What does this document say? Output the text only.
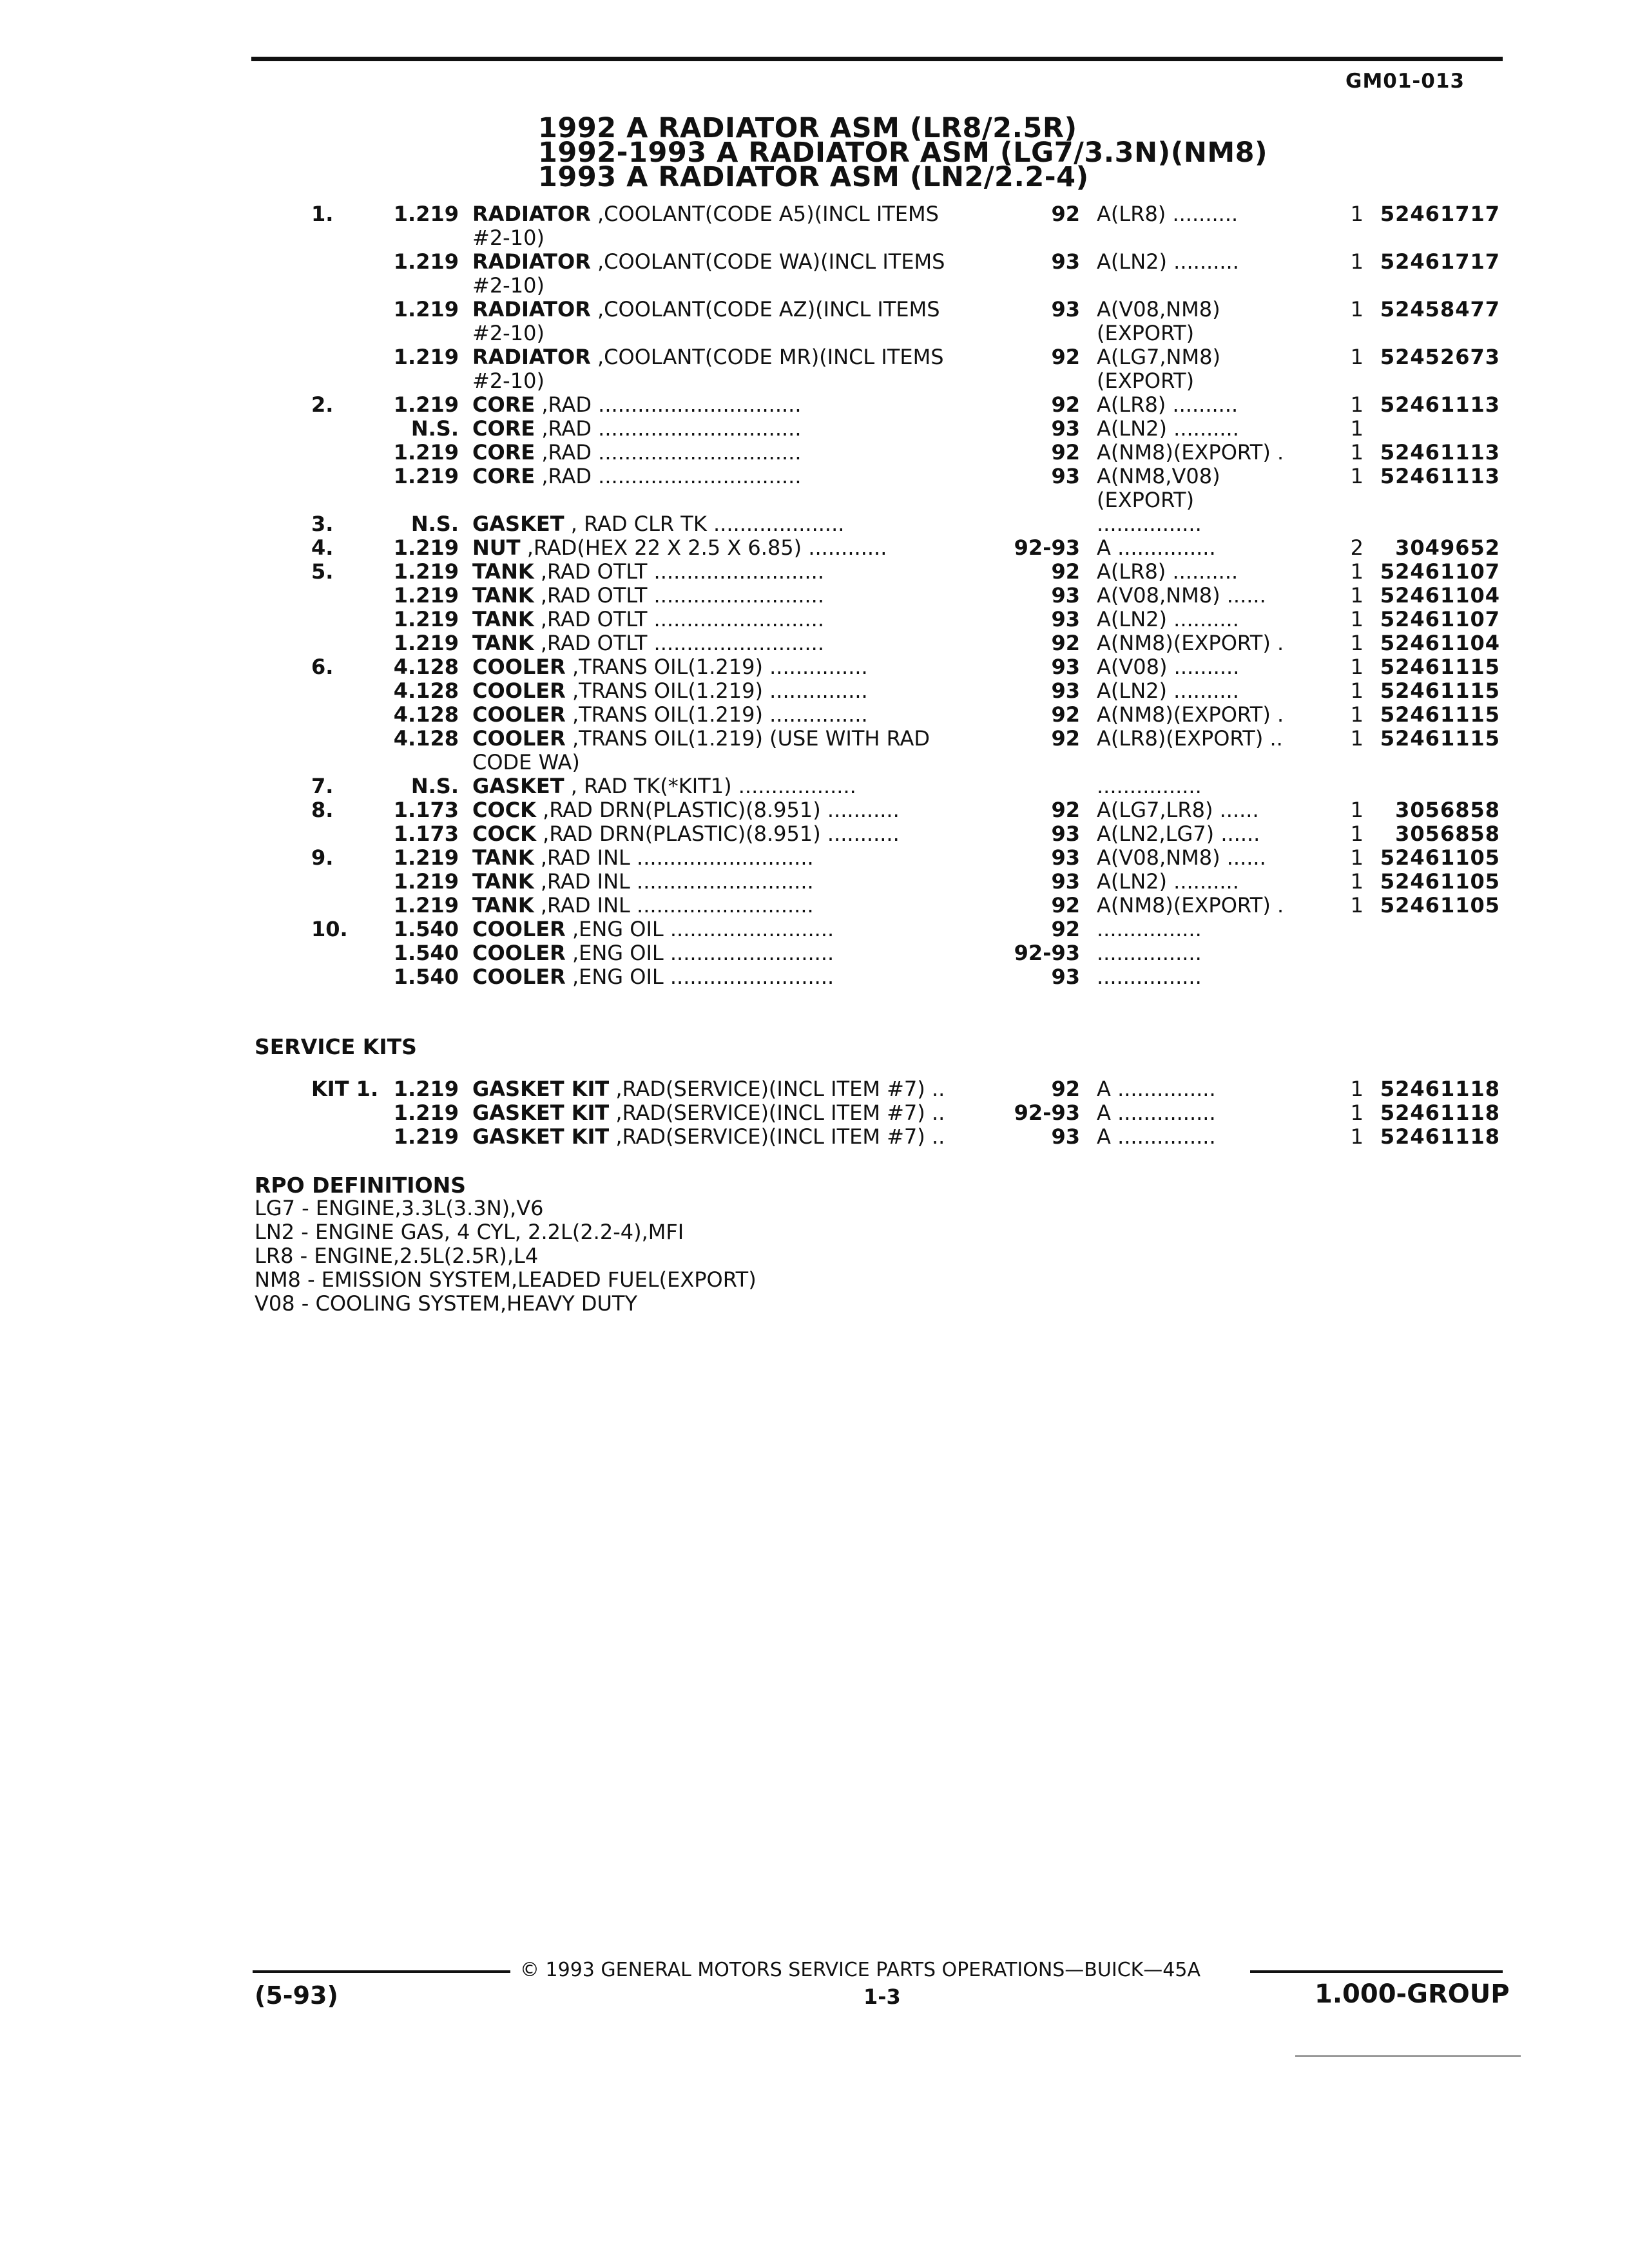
GM01-013
1992 A RADIATOR ASM (LR8/2.5R)
1992-1993 A RADIATOR ASM (LG7/3.3N)(NM8)
1993 A RADIATOR ASM (LN2/2.2-4)
1.	1.219 RADIATOR ,COOLANT(CODE A5)(INCL ITEMS	92 A(LR8) ..........	1 52461717
#2-10)
1.219 RADIATOR ,COOLANT(CODE WA)(INCL ITEMS	93 A(LN2) ..........	1 52461717
#2-10)
1.219 RADIATOR ,COOLANT(CODE AZ)(INCL ITEMS	93 A(V08,NM8)	1 52458477
#2-10)	(EXPORT)
1.219 RADIATOR ,COOLANT(CODE MR)(INCL ITEMS	92 A(LG7,NM8)	1 52452673
#2-10)	(EXPORT)
2.	1.219 CORE ,RAD ...............................	92 A(LR8) ..........	1 52461113
N.S. CORE ,RAD ...............................	93 A(LN2) ..........	1
1.219 CORE ,RAD ...............................	92 A(NM8)(EXPORT) .	1 52461113
1.219 CORE ,RAD ...............................	93 A(NM8,V08)	1 52461113
(EXPORT)
3.	N.S. GASKET , RAD CLR TK ....................	................
4.	1.219 NUT ,RAD(HEX 22 X 2.5 X 6.85) ............	92-93 A ...............	2	3049652
5.	1.219 TANK ,RAD OTLT ..........................	92 A(LR8) ..........	1 52461107
1.219 TANK ,RAD OTLT ..........................	93 A(V08,NM8) ......	1 52461104
1.219 TANK ,RAD OTLT ..........................	93 A(LN2) ..........	1 52461107
1.219 TANK ,RAD OTLT ..........................	92 A(NM8)(EXPORT) .	1 52461104
6.	4.128 COOLER ,TRANS OIL(1.219) ...............	93 A(V08) ..........	1 52461115
4.128 COOLER ,TRANS OIL(1.219) ...............	93 A(LN2) ..........	1 52461115
4.128 COOLER ,TRANS OIL(1.219) ...............	92 A(NM8)(EXPORT) .	1 52461115
4.128 COOLER ,TRANS OIL(1.219) (USE WITH RAD	92 A(LR8)(EXPORT) ..	1 52461115
CODE WA)
7.	N.S. GASKET , RAD TK(*KIT1) ..................	................
8.	1.173 COCK ,RAD DRN(PLASTIC)(8.951) ...........	92 A(LG7,LR8) ......	1	3056858
1.173 COCK ,RAD DRN(PLASTIC)(8.951) ...........	93 A(LN2,LG7) ......	1	3056858
9.	1.219 TANK ,RAD INL ...........................	93 A(V08,NM8) ......	1 52461105
1.219 TANK ,RAD INL ...........................	93 A(LN2) ..........	1 52461105
1.219 TANK ,RAD INL ...........................	92 A(NM8)(EXPORT) .	1 52461105
10.	1.540 COOLER ,ENG OIL .........................	92 ................
1.540 COOLER ,ENG OIL .........................	92-93 ................
1.540 COOLER ,ENG OIL .........................	93 ................
SERVICE KITS
KIT 1. 1.219 GASKET KIT ,RAD(SERVICE)(INCL ITEM #7) ..	92 A ...............	1 52461118
1.219 GASKET KIT ,RAD(SERVICE)(INCL ITEM #7) ..	92-93 A ...............	1 52461118
1.219 GASKET KIT ,RAD(SERVICE)(INCL ITEM #7) ..	93 A ...............	1 52461118
RPO DEFINITIONS
LG7 - ENGINE,3.3L(3.3N),V6
LN2 - ENGINE GAS, 4 CYL, 2.2L(2.2-4),MFI
LR8 - ENGINE,2.5L(2.5R),L4
NM8 - EMISSION SYSTEM,LEADED FUEL(EXPORT)
V08 - COOLING SYSTEM,HEAVY DUTY
© 1993 GENERAL MOTORS SERVICE PARTS OPERATIONS—BUICK—45A
(5-93)	1-3	1.000-GROUP
